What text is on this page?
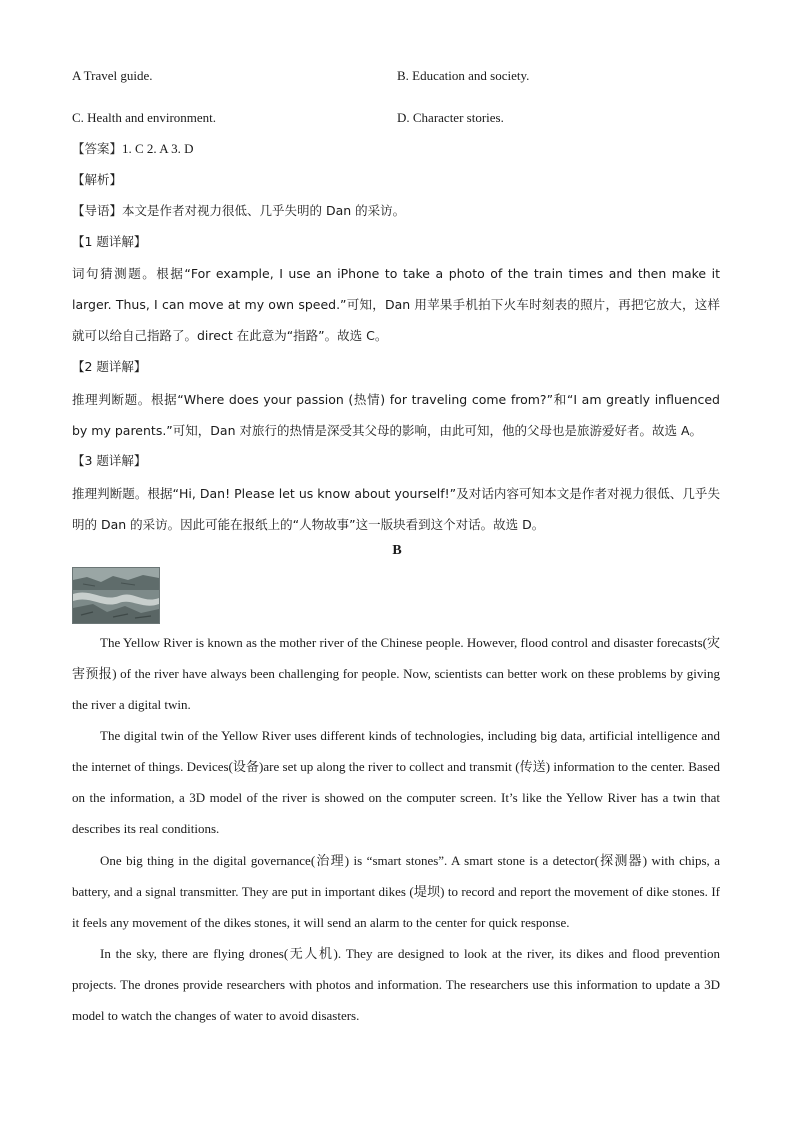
A Travel guide.	B. Education and society.
C. Health and environment.	D. Character stories.
【答案】1. C 2. A 3. D
【解析】
【导语】本文是作者对视力很低、几乎失明的 Dan 的采访。
【1 题详解】
词句猜测题。根据“For example, I use an iPhone to take a photo of the train times and then make it larger. Thus, I can move at my own speed.”可知，Dan 用苹果手机拍下火车时刻表的照片，再把它放大，这样就可以给自己指路了。direct 在此意为“指路”。故选 C。
【2 题详解】
推理判断题。根据“Where does your passion (热情) for traveling come from?”和“I am greatly influenced by my parents.”可知，Dan 对旅行的热情是深受其父母的影响，由此可知，他的父母也是旅游爱好者。故选 A。
【3 题详解】
推理判断题。根据“Hi, Dan! Please let us know about yourself!”及对话内容可知本文是作者对视力很低、几乎失明的 Dan 的采访。因此可能在报纸上的“人物故事”这一版块看到这个对话。故选 D。
B
The Yellow River is known as the mother river of the Chinese people. However, flood control and disaster forecasts(灾害预报) of the river have always been challenging for people. Now, scientists can better work on these problems by giving the river a digital twin.
The digital twin of the Yellow River uses different kinds of technologies, including big data, artificial intelligence and the internet of things. Devices(设备)are set up along the river to collect and transmit (传送) information to the center. Based on the information, a 3D model of the river is showed on the computer screen. It’s like the Yellow River has a twin that describes its real conditions.
One big thing in the digital governance(治理) is “smart stones”. A smart stone is a detector(探测器) with chips, a battery, and a signal transmitter. They are put in important dikes (堤坝) to record and report the movement of dike stones. If it feels any movement of the dikes stones, it will send an alarm to the center for quick response.
In the sky, there are flying drones(无人机). They are designed to look at the river, its dikes and flood prevention projects. The drones provide researchers with photos and information. The researchers use this information to update a 3D model to watch the changes of water to avoid disasters.
